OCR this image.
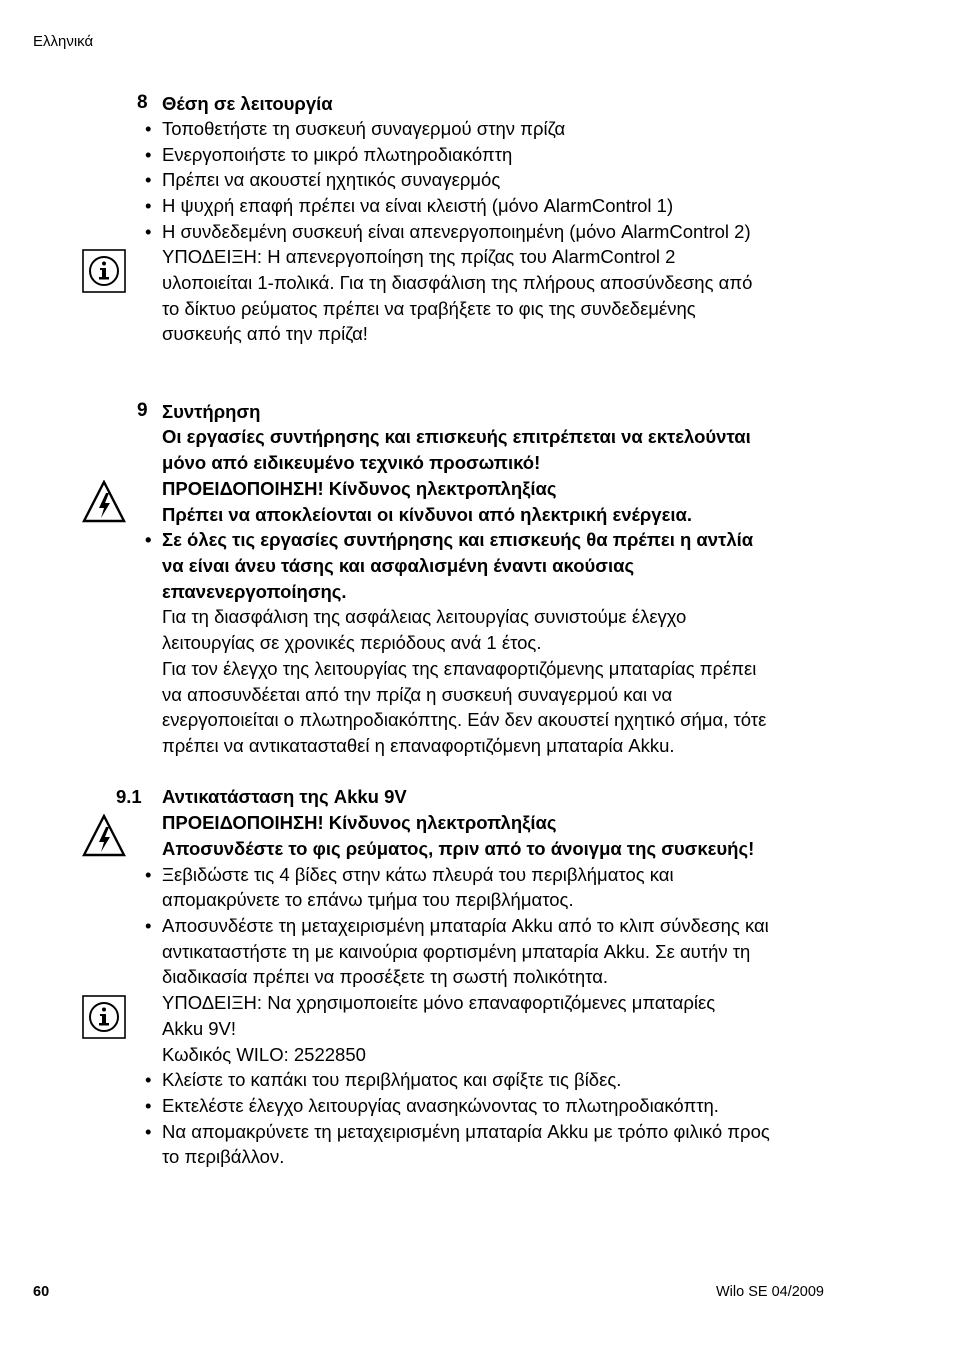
Ελληνικά
8 Θέση σε λειτουργία
• Τοποθετήστε τη συσκευή συναγερμού στην πρίζα
• Ενεργοποιήστε το μικρό πλωτηροδιακόπτη
• Πρέπει να ακουστεί ηχητικός συναγερμός
• Η ψυχρή επαφή πρέπει να είναι κλειστή (μόνο AlarmControl 1)
• Η συνδεδεμένη συσκευή είναι απενεργοποιημένη (μόνο AlarmControl 2)
ΥΠΟΔΕΙΞΗ: Η απενεργοποίηση της πρίζας του AlarmControl 2
υλοποιείται 1-πολικά. Για τη διασφάλιση της πλήρους αποσύνδεσης από
το δίκτυο ρεύματος πρέπει να τραβήξετε το φις της συνδεδεμένης
συσκευής από την πρίζα!
9 Συντήρηση
Οι εργασίες συντήρησης και επισκευής επιτρέπεται να εκτελούνται
μόνο από ειδικευμένο τεχνικό προσωπικό!
ΠΡΟΕΙΔΟΠΟΙΗΣΗ! Κίνδυνος ηλεκτροπληξίας
Πρέπει να αποκλείονται οι κίνδυνοι από ηλεκτρική ενέργεια.
• Σε όλες τις εργασίες συντήρησης και επισκευής θα πρέπει η αντλία
να είναι άνευ τάσης και ασφαλισμένη έναντι ακούσιας
επανενεργοποίησης.
Για τη διασφάλιση της ασφάλειας λειτουργίας συνιστούμε έλεγχο
λειτουργίας σε χρονικές περιόδους ανά 1 έτος.
Για τον έλεγχο της λειτουργίας της επαναφορτιζόμενης μπαταρίας πρέπει
να αποσυνδέεται από την πρίζα η συσκευή συναγερμού και να
ενεργοποιείται ο πλωτηροδιακόπτης. Εάν δεν ακουστεί ηχητικό σήμα, τότε
πρέπει να αντικατασταθεί η επαναφορτιζόμενη μπαταρία Akku.
9.1 Αντικατάσταση της Akku 9V
ΠΡΟΕΙΔΟΠΟΙΗΣΗ! Κίνδυνος ηλεκτροπληξίας
Αποσυνδέστε το φις ρεύματος, πριν από το άνοιγμα της συσκευής!
• Ξεβιδώστε τις 4 βίδες στην κάτω πλευρά του περιβλήματος και
απομακρύνετε το επάνω τμήμα του περιβλήματος.
• Αποσυνδέστε τη μεταχειρισμένη μπαταρία Akku από το κλιπ σύνδεσης και
αντικαταστήστε τη με καινούρια φορτισμένη μπαταρία Akku. Σε αυτήν τη
διαδικασία πρέπει να προσέξετε τη σωστή πολικότητα.
ΥΠΟΔΕΙΞΗ: Να χρησιμοποιείτε μόνο επαναφορτιζόμενες μπαταρίες
Akku 9V!
Κωδικός WILO: 2522850
• Κλείστε το καπάκι του περιβλήματος και σφίξτε τις βίδες.
• Εκτελέστε έλεγχο λειτουργίας ανασηκώνοντας το πλωτηροδιακόπτη.
• Να απομακρύνετε τη μεταχειρισμένη μπαταρία Akku με τρόπο φιλικό προς
το περιβάλλον.
60	Wilo SE 04/2009
